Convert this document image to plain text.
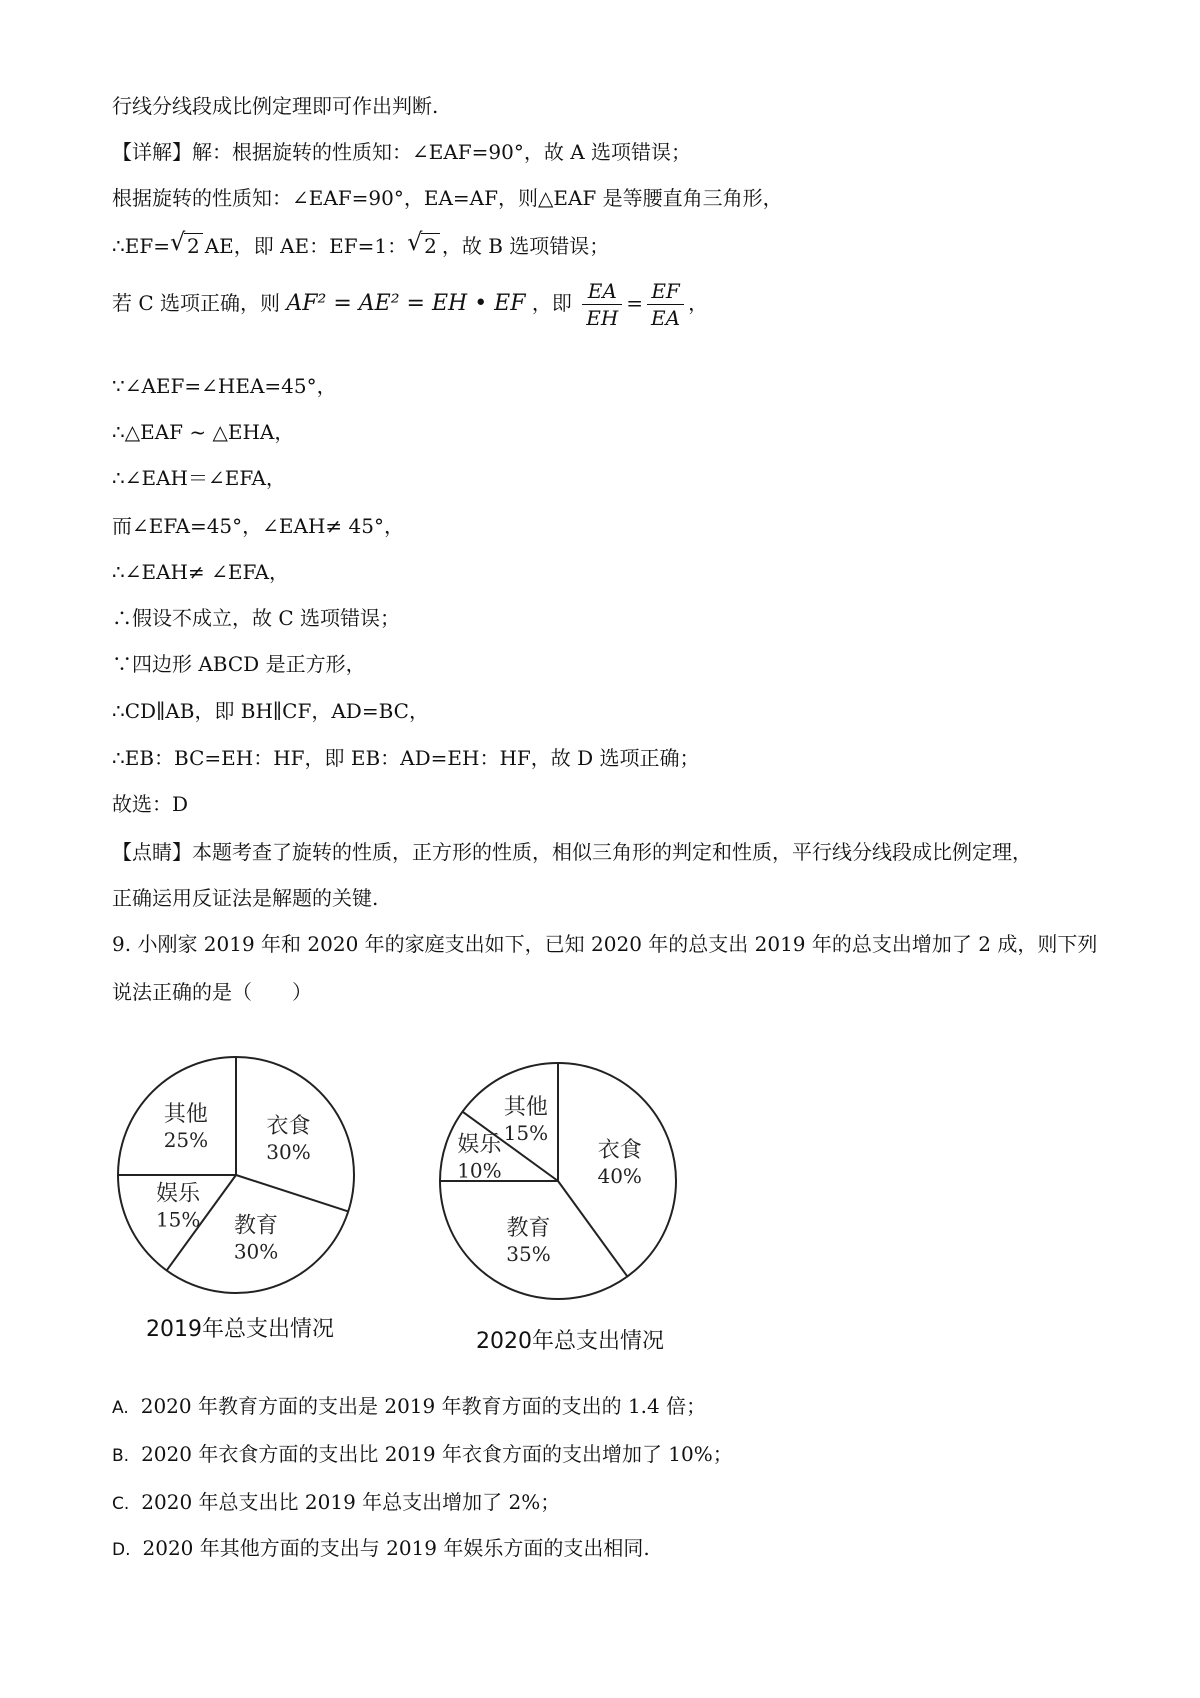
行线分线段成比例定理即可作出判断.
【详解】解：根据旋转的性质知：∠EAF=90°，故 A 选项错误；
根据旋转的性质知：∠EAF=90°，EA=AF，则△EAF 是等腰直角三角形，
∴EF= √ 2 AE，即 AE：EF=1： √ 2 ，故 B 选项错误；
若 C 选项正确，则 AF² = AE² = EH • EF ，即 $\frac{EA}{EH} = \frac{EF}{EA}$ ，
∵∠AEF=∠HEA=45°，
∴△EAF ~ △EHA，
∴∠EAH＝∠EFA，
而∠EFA=45°，∠EAH≠ 45°，
∴∠EAH≠ ∠EFA，
∴假设不成立，故 C 选项错误；
∵四边形 ABCD 是正方形，
∴CD∥AB，即 BH∥CF，AD=BC，
∴EB：BC=EH：HF，即 EB：AD=EH：HF，故 D 选项正确；
故选：D
【点睛】本题考查了旋转的性质，正方形的性质，相似三角形的判定和性质，平行线分线段成比例定理，
正确运用反证法是解题的关键.
9. 小刚家 2019 年和 2020 年的家庭支出如下，已知 2020 年的总支出 2019 年的总支出增加了 2 成，则下列
说法正确的是（　　）
衣食
30%
教育
30%
娱乐
15%
其他
25%	衣食
40%
教育
35%
娱乐
10%
其他
15%
2019年总支出情况	2020年总支出情况
A. 2020 年教育方面的支出是 2019 年教育方面的支出的 1.4 倍；
B. 2020 年衣食方面的支出比 2019 年衣食方面的支出增加了 10%；
C. 2020 年总支出比 2019 年总支出增加了 2%；
D. 2020 年其他方面的支出与 2019 年娱乐方面的支出相同.
